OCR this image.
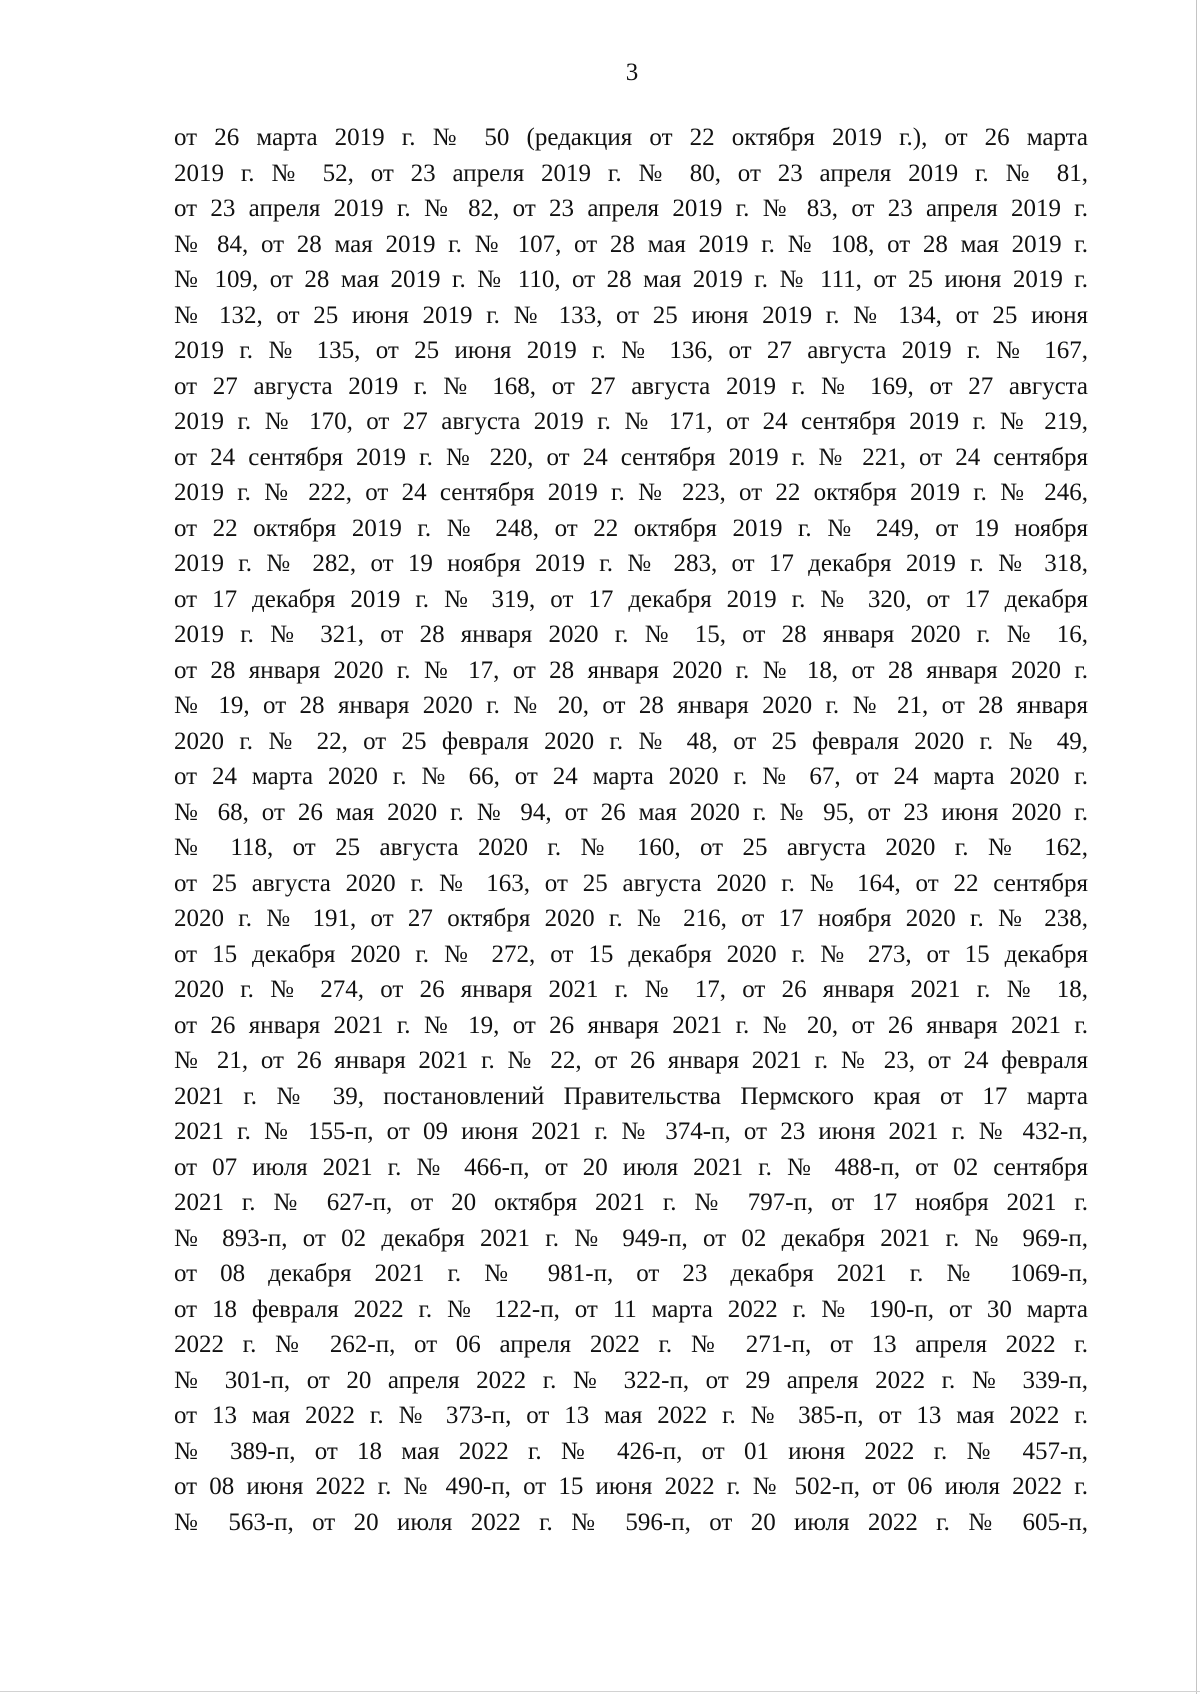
3
от 26 марта 2019 г. № 50 (редакция от 22 октября 2019 г.), от 26 марта
2019 г. № 52, от 23 апреля 2019 г. № 80, от 23 апреля 2019 г. № 81,
от 23 апреля 2019 г. № 82, от 23 апреля 2019 г. № 83, от 23 апреля 2019 г.
№ 84, от 28 мая 2019 г. № 107, от 28 мая 2019 г. № 108, от 28 мая 2019 г.
№ 109, от 28 мая 2019 г. № 110, от 28 мая 2019 г. № 111, от 25 июня 2019 г.
№ 132, от 25 июня 2019 г. № 133, от 25 июня 2019 г. № 134, от 25 июня
2019 г. № 135, от 25 июня 2019 г. № 136, от 27 августа 2019 г. № 167,
от 27 августа 2019 г. № 168, от 27 августа 2019 г. № 169, от 27 августа
2019 г. № 170, от 27 августа 2019 г. № 171, от 24 сентября 2019 г. № 219,
от 24 сентября 2019 г. № 220, от 24 сентября 2019 г. № 221, от 24 сентября
2019 г. № 222, от 24 сентября 2019 г. № 223, от 22 октября 2019 г. № 246,
от 22 октября 2019 г. № 248, от 22 октября 2019 г. № 249, от 19 ноября
2019 г. № 282, от 19 ноября 2019 г. № 283, от 17 декабря 2019 г. № 318,
от 17 декабря 2019 г. № 319, от 17 декабря 2019 г. № 320, от 17 декабря
2019 г. № 321, от 28 января 2020 г. № 15, от 28 января 2020 г. № 16,
от 28 января 2020 г. № 17, от 28 января 2020 г. № 18, от 28 января 2020 г.
№ 19, от 28 января 2020 г. № 20, от 28 января 2020 г. № 21, от 28 января
2020 г. № 22, от 25 февраля 2020 г. № 48, от 25 февраля 2020 г. № 49,
от 24 марта 2020 г. № 66, от 24 марта 2020 г. № 67, от 24 марта 2020 г.
№ 68, от 26 мая 2020 г. № 94, от 26 мая 2020 г. № 95, от 23 июня 2020 г.
№ 118, от 25 августа 2020 г. № 160, от 25 августа 2020 г. № 162,
от 25 августа 2020 г. № 163, от 25 августа 2020 г. № 164, от 22 сентября
2020 г. № 191, от 27 октября 2020 г. № 216, от 17 ноября 2020 г. № 238,
от 15 декабря 2020 г. № 272, от 15 декабря 2020 г. № 273, от 15 декабря
2020 г. № 274, от 26 января 2021 г. № 17, от 26 января 2021 г. № 18,
от 26 января 2021 г. № 19, от 26 января 2021 г. № 20, от 26 января 2021 г.
№ 21, от 26 января 2021 г. № 22, от 26 января 2021 г. № 23, от 24 февраля
2021 г. № 39, постановлений Правительства Пермского края от 17 марта
2021 г. № 155-п, от 09 июня 2021 г. № 374-п, от 23 июня 2021 г. № 432-п,
от 07 июля 2021 г. № 466-п, от 20 июля 2021 г. № 488-п, от 02 сентября
2021 г. № 627-п, от 20 октября 2021 г. № 797-п, от 17 ноября 2021 г.
№ 893-п, от 02 декабря 2021 г. № 949-п, от 02 декабря 2021 г. № 969-п,
от 08 декабря 2021 г. № 981-п, от 23 декабря 2021 г. № 1069-п,
от 18 февраля 2022 г. № 122-п, от 11 марта 2022 г. № 190-п, от 30 марта
2022 г. № 262-п, от 06 апреля 2022 г. № 271-п, от 13 апреля 2022 г.
№ 301-п, от 20 апреля 2022 г. № 322-п, от 29 апреля 2022 г. № 339-п,
от 13 мая 2022 г. № 373-п, от 13 мая 2022 г. № 385-п, от 13 мая 2022 г.
№ 389-п, от 18 мая 2022 г. № 426-п, от 01 июня 2022 г. № 457-п,
от 08 июня 2022 г. № 490-п, от 15 июня 2022 г. № 502-п, от 06 июля 2022 г.
№ 563-п, от 20 июля 2022 г. № 596-п, от 20 июля 2022 г. № 605-п,
